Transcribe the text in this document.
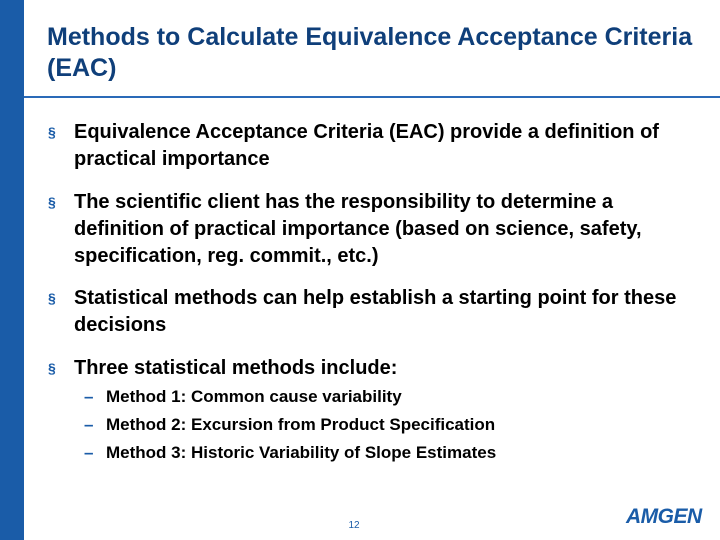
Methods to Calculate Equivalence Acceptance Criteria (EAC)
§ Equivalence Acceptance Criteria (EAC) provide a definition of practical importance
§ The scientific client has the responsibility to determine a definition of practical importance (based on science, safety, specification, reg. commit., etc.)
§ Statistical methods can help establish a starting point for these decisions
§ Three statistical methods include:
– Method 1: Common cause variability
– Method 2: Excursion from Product Specification
– Method 3: Historic Variability of Slope Estimates
12	AMGEN
